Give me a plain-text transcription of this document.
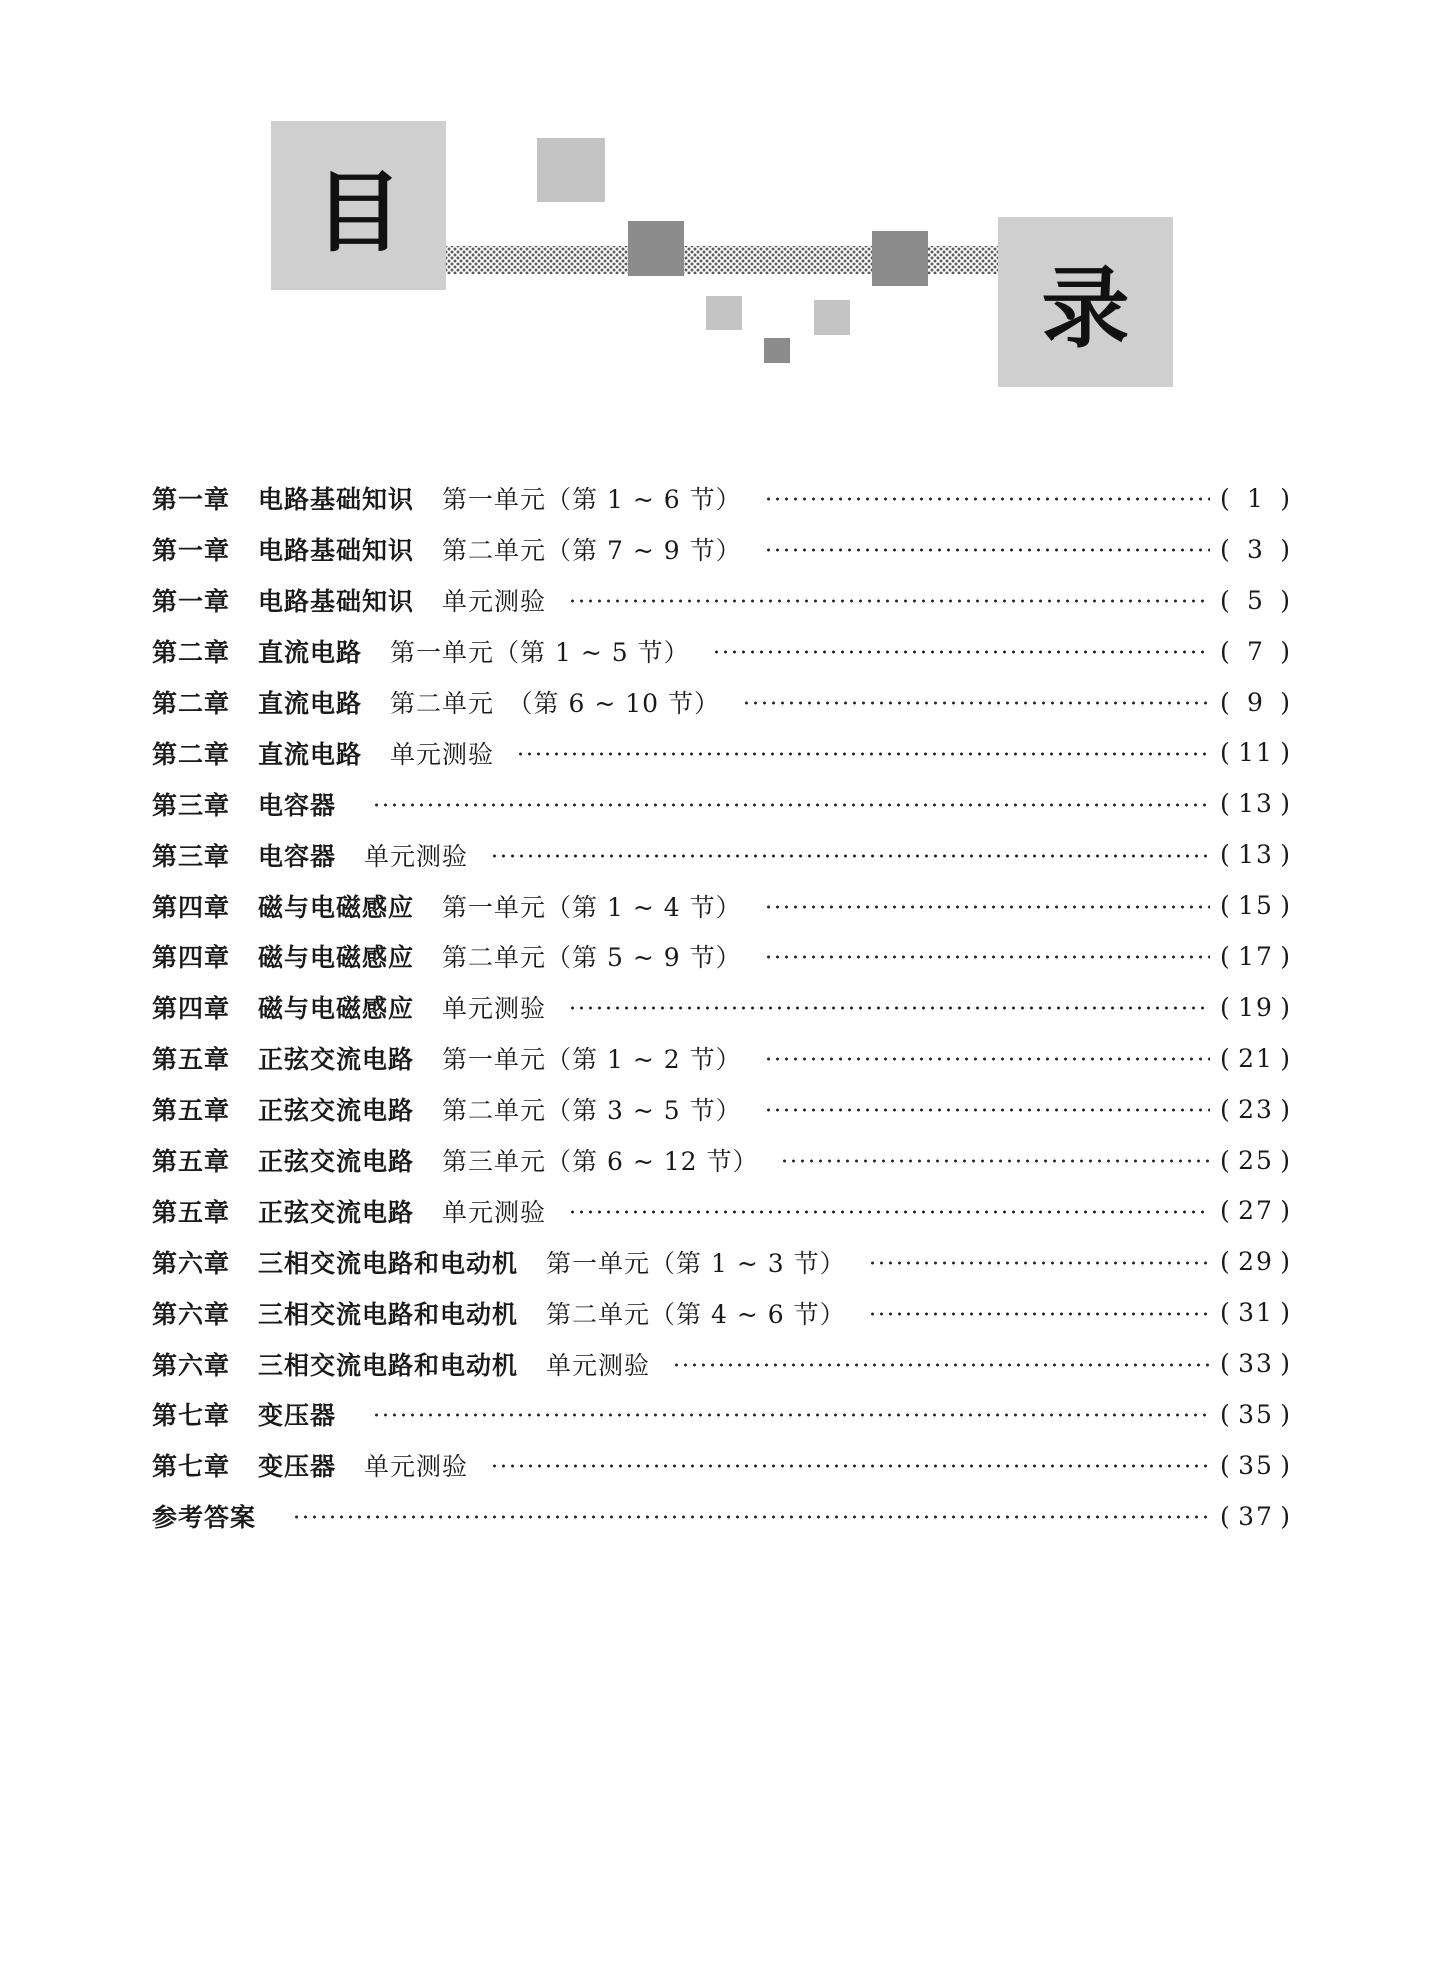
目
录
第一章 电路基础知识 第一单元（第 1 ~ 6 节）	( 1 )
第一章 电路基础知识 第二单元（第 7 ~ 9 节）	( 3 )
第一章 电路基础知识 单元测验	( 5 )
第二章 直流电路 第一单元（第 1 ~ 5 节）	( 7 )
第二章 直流电路 第二单元　（第 6 ~ 10 节）	( 9 )
第二章 直流电路 单元测验	( 11 )
第三章 电容器	( 13 )
第三章 电容器 单元测验	( 13 )
第四章 磁与电磁感应 第一单元（第 1 ~ 4 节）	( 15 )
第四章 磁与电磁感应 第二单元（第 5 ~ 9 节）	( 17 )
第四章 磁与电磁感应 单元测验	( 19 )
第五章 正弦交流电路 第一单元（第 1 ~ 2 节）	( 21 )
第五章 正弦交流电路 第二单元（第 3 ~ 5 节）	( 23 )
第五章 正弦交流电路 第三单元（第 6 ~ 12 节）	( 25 )
第五章 正弦交流电路 单元测验	( 27 )
第六章 三相交流电路和电动机 第一单元（第 1 ~ 3 节）	( 29 )
第六章 三相交流电路和电动机 第二单元（第 4 ~ 6 节）	( 31 )
第六章 三相交流电路和电动机 单元测验	( 33 )
第七章 变压器	( 35 )
第七章 变压器 单元测验	( 35 )
参考答案	( 37 )
